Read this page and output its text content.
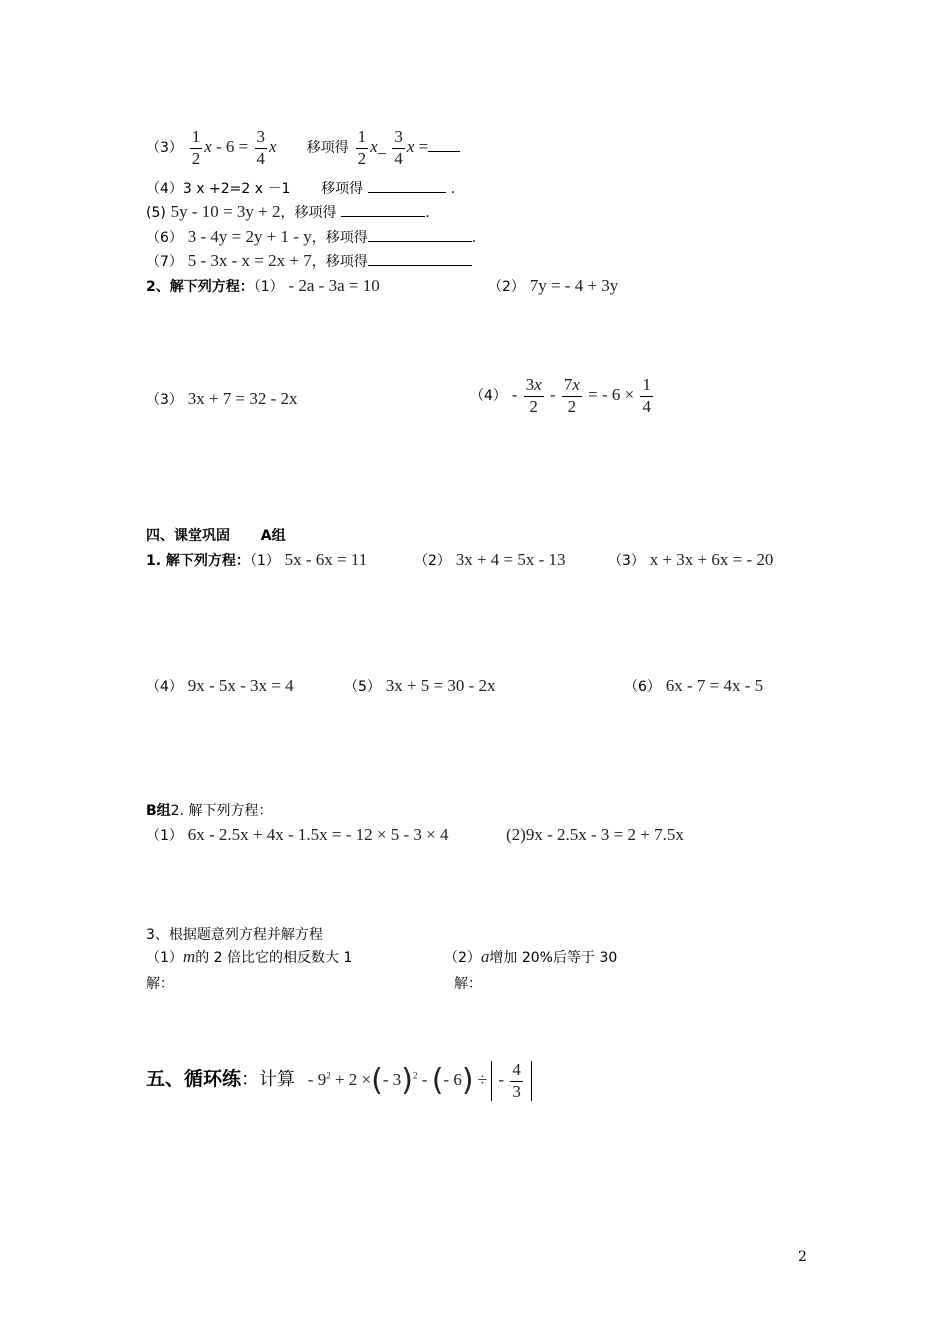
$(3) \frac{1}{2}$ $x - 6 = \frac{3}{4}$ x 移项得 $\frac{1}{2}$ x_ $\frac{3}{4}$ x =
（4）3 x +2=2 x －1 移项得	.
(5) 5y - 10 = 3y + 2，移项得	.
（6） 3 - 4y = 2y + 1 - y，移项得	.
（7） 5 - 3x - x = 2x + 7，移项得
2、解下列方程：（1） - 2a - 3a = 10	（2） 7y = - 4 + 3y
（3） 3x + 7 = 32 - 2x	$(4) - \frac{3x}{2} - \frac{7x}{2}$ = - $6 \times \frac{1}{4}$
四、课堂巩固 A组
1. 解下列方程：（1） 5x - 6x = 11	（2） 3x + 4 = 5x - 13	（3） x + 3x + 6x = - 20
（4） 9x - 5x - 3x = 4	（5） 3x + 5 = 30 - 2x	（6） 6x - 7 = 4x - 5
B组2. 解下列方程：
（1） 6x - 2.5x + 4x - 1.5x = - 12 × 5 - 3 × 4	(2)9x - 2.5x - 3 = 2 + 7.5x
3、根据题意列方程并解方程
（1）m的 2 倍比它的相反数大 1	（2）a增加 20%后等于 30
解：	解：
五、循环练：计算 - $9^2 + 2$ ×(- 3)$^2$ - (- 6) ÷ - $\frac{4}{3}$
2
